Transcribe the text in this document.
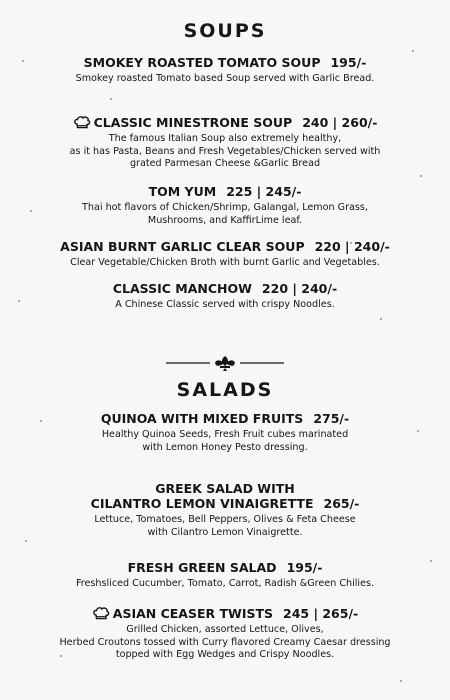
SOUPS
SMOKEY ROASTED TOMATO SOUP 195/-
Smokey roasted Tomato based Soup served with Garlic Bread.
CLASSIC MINESTRONE SOUP 240 | 260/-
The famous Italian Soup also extremely healthy,
as it has Pasta, Beans and Fresh Vegetables/Chicken served with
grated Parmesan Cheese &Garlic Bread
TOM YUM 225 | 245/-
Thai hot flavors of Chicken/Shrimp, Galangal, Lemon Grass,
Mushrooms, and KaffirLime leaf.
ASIAN BURNT GARLIC CLEAR SOUP 220 | 240/-
Clear Vegetable/Chicken Broth with burnt Garlic and Vegetables.
CLASSIC MANCHOW 220 | 240/-
A Chinese Classic served with crispy Noodles.
SALADS
QUINOA WITH MIXED FRUITS 275/-
Healthy Quinoa Seeds, Fresh Fruit cubes marinated
with Lemon Honey Pesto dressing.
GREEK SALAD WITH
CILANTRO LEMON VINAIGRETTE 265/-
Lettuce, Tomatoes, Bell Peppers, Olives & Feta Cheese
with Cilantro Lemon Vinaigrette.
FRESH GREEN SALAD 195/-
Freshsliced Cucumber, Tomato, Carrot, Radish &Green Chilies.
ASIAN CEASER TWISTS 245 | 265/-
Grilled Chicken, assorted Lettuce, Olives,
Herbed Croutons tossed with Curry flavored Creamy Caesar dressing
topped with Egg Wedges and Crispy Noodles.
